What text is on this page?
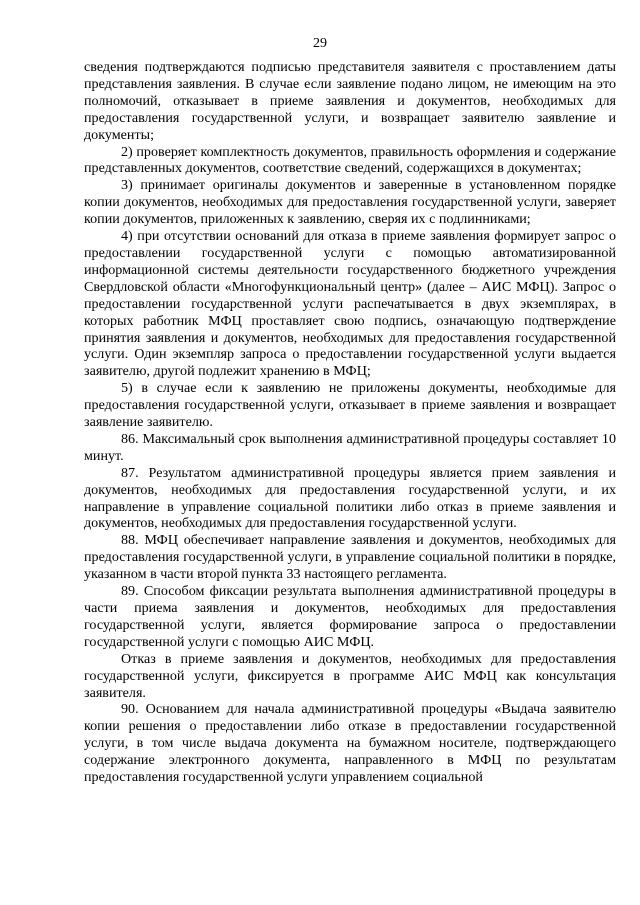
29

сведения подтверждаются подписью представителя заявителя с проставлением даты представления заявления. В случае если заявление подано лицом, не имеющим на это полномочий, отказывает в приеме заявления и документов, необходимых для предоставления государственной услуги, и возвращает заявителю заявление и документы;

2) проверяет комплектность документов, правильность оформления и содержание представленных документов, соответствие сведений, содержащихся в документах;

3) принимает оригиналы документов и заверенные в установленном порядке копии документов, необходимых для предоставления государственной услуги, заверяет копии документов, приложенных к заявлению, сверяя их с подлинниками;

4) при отсутствии оснований для отказа в приеме заявления формирует запрос о предоставлении государственной услуги с помощью автоматизированной информационной системы деятельности государственного бюджетного учреждения Свердловской области «Многофункциональный центр» (далее – АИС МФЦ). Запрос о предоставлении государственной услуги распечатывается в двух экземплярах, в которых работник МФЦ проставляет свою подпись, означающую подтверждение принятия заявления и документов, необходимых для предоставления государственной услуги. Один экземпляр запроса о предоставлении государственной услуги выдается заявителю, другой подлежит хранению в МФЦ;

5) в случае если к заявлению не приложены документы, необходимые для предоставления государственной услуги, отказывает в приеме заявления и возвращает заявление заявителю.

86. Максимальный срок выполнения административной процедуры составляет 10 минут.

87. Результатом административной процедуры является прием заявления и документов, необходимых для предоставления государственной услуги, и их направление в управление социальной политики либо отказ в приеме заявления и документов, необходимых для предоставления государственной услуги.

88. МФЦ обеспечивает направление заявления и документов, необходимых для предоставления государственной услуги, в управление социальной политики в порядке, указанном в части второй пункта 33 настоящего регламента.

89. Способом фиксации результата выполнения административной процедуры в части приема заявления и документов, необходимых для предоставления государственной услуги, является формирование запроса о предоставлении государственной услуги с помощью АИС МФЦ.

Отказ в приеме заявления и документов, необходимых для предоставления государственной услуги, фиксируется в программе АИС МФЦ как консультация заявителя.

90. Основанием для начала административной процедуры «Выдача заявителю копии решения о предоставлении либо отказе в предоставлении государственной услуги, в том числе выдача документа на бумажном носителе, подтверждающего содержание электронного документа, направленного в МФЦ по результатам предоставления государственной услуги управлением социальной
